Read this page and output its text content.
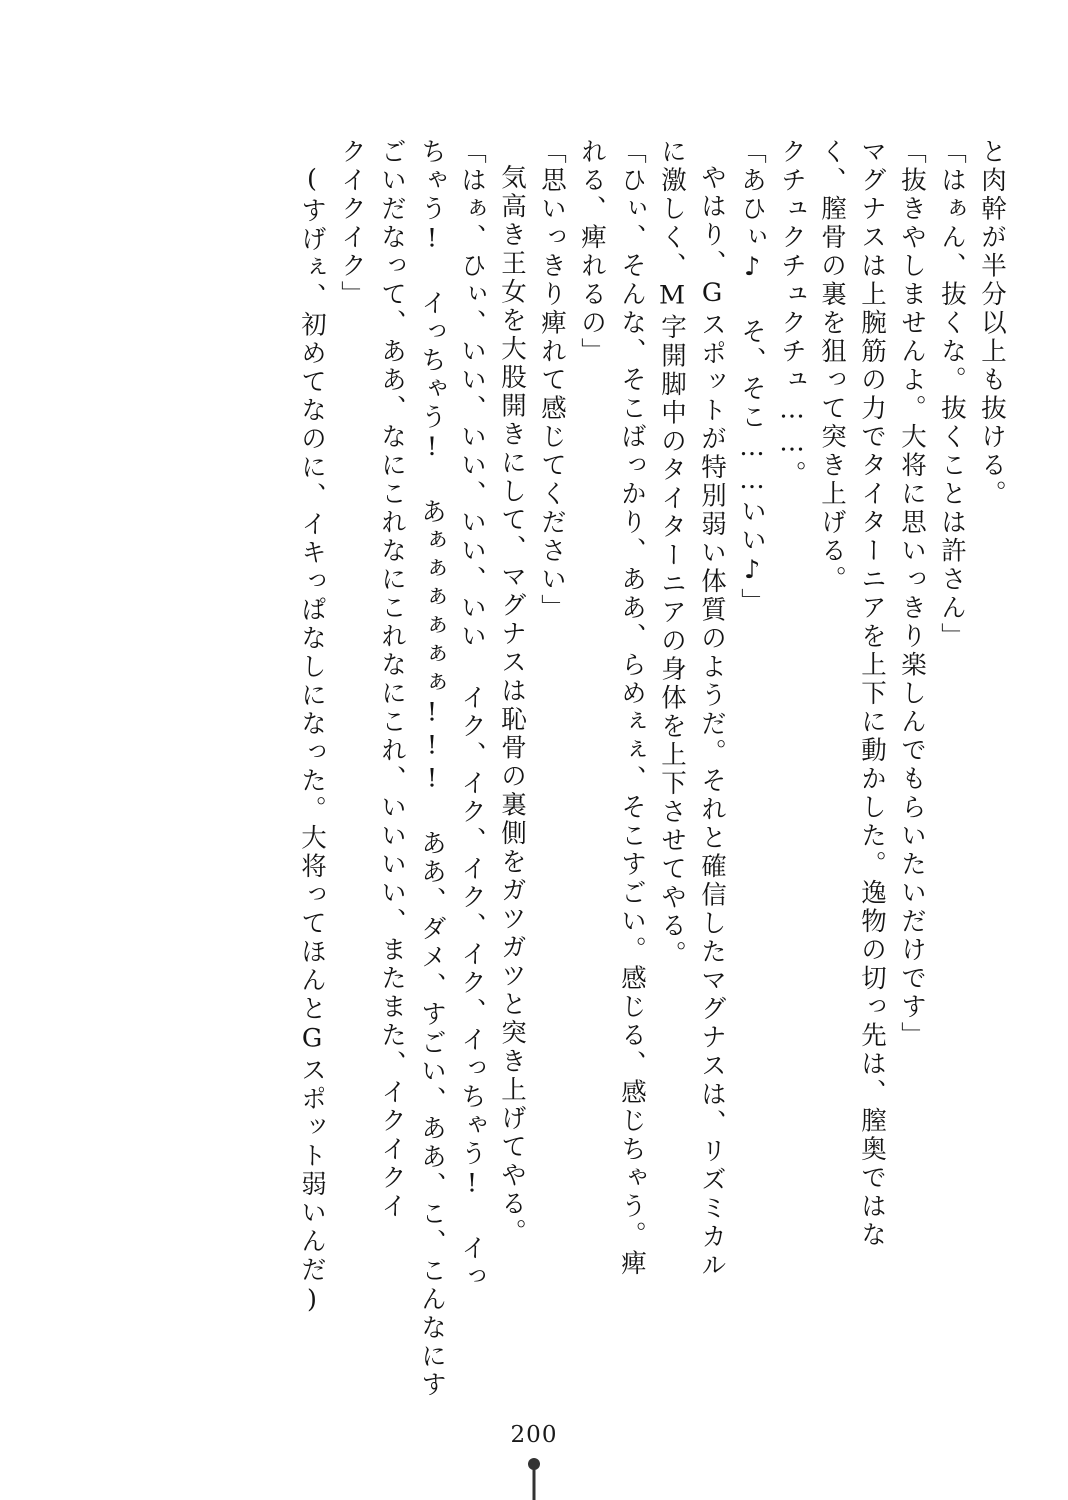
と肉幹が半分以上も抜ける。
「はぁん、抜くな。抜くことは許さん」
「抜きやしませんよ。大将に思いっきり楽しんでもらいたいだけです」
マグナスは上腕筋の力でタイターニアを上下に動かした。逸物の切っ先は、膣奥ではな
く、膣骨の裏を狙って突き上げる。
クチュクチュクチュ……。
「あひぃ♪ そ、そこ……いい♪」
やはり、Gスポットが特別弱い体質のようだ。それと確信したマグナスは、リズミカル
に激しく、M字開脚中のタイターニアの身体を上下させてやる。
「ひぃ、そんな、そこばっかり、ああ、らめぇぇ、そこすごい。感じる、感じちゃう。痺
れる、痺れるの」
「思いっきり痺れて感じてください」
気高き王女を大股開きにして、マグナスは恥骨の裏側をガツガツと突き上げてやる。
「はぁ、ひぃ、いい、いい、いい、いい イク、イク、イク、イク、イっちゃう! イっ
ちゃう! イっちゃう! あぁぁぁぁぁぁ!!! ああ、ダメ、すごい、ああ、こ、こんなにす
ごいだなって、ああ、なにこれなにこれなにこれ、いいいい、またまた、イクイクイ
クイクイク」
(すげぇ、初めてなのに、イキっぱなしになった。大将ってほんとGスポット弱いんだ)
200
